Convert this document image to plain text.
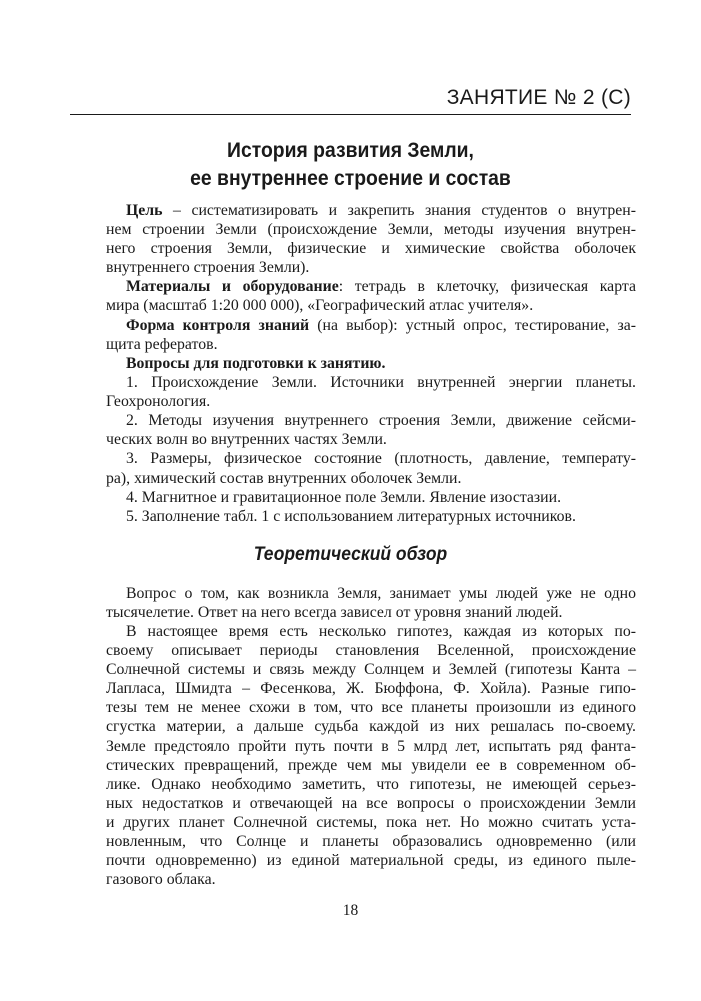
ЗАНЯТИЕ № 2 (С)
История развития Земли,
ее внутреннее строение и состав
Цель – систематизировать и закрепить знания студентов о внутрен-
нем строении Земли (происхождение Земли, методы изучения внутрен-
него строения Земли, физические и химические свойства оболочек
внутреннего строения Земли).
Материалы и оборудование: тетрадь в клеточку, физическая карта
мира (масштаб 1:20 000 000), «Географический атлас учителя».
Форма контроля знаний (на выбор): устный опрос, тестирование, за-
щита рефератов.
Вопросы для подготовки к занятию.
1. Происхождение Земли. Источники внутренней энергии планеты.
Геохронология.
2. Методы изучения внутреннего строения Земли, движение сейсми-
ческих волн во внутренних частях Земли.
3. Размеры, физическое состояние (плотность, давление, температу-
ра), химический состав внутренних оболочек Земли.
4. Магнитное и гравитационное поле Земли. Явление изостазии.
5. Заполнение табл. 1 с использованием литературных источников.
Вопрос о том, как возникла Земля, занимает умы людей уже не одно
тысячелетие. Ответ на него всегда зависел от уровня знаний людей.
В настоящее время есть несколько гипотез, каждая из которых по-
своему описывает периоды становления Вселенной, происхождение
Солнечной системы и связь между Солнцем и Землей (гипотезы Канта –
Лапласа, Шмидта – Фесенкова, Ж. Бюффона, Ф. Хойла). Разные гипо-
тезы тем не менее схожи в том, что все планеты произошли из единого
сгустка материи, а дальше судьба каждой из них решалась по-своему.
Земле предстояло пройти путь почти в 5 млрд лет, испытать ряд фанта-
стических превращений, прежде чем мы увидели ее в современном об-
лике. Однако необходимо заметить, что гипотезы, не имеющей серьез-
ных недостатков и отвечающей на все вопросы о происхождении Земли
и других планет Солнечной системы, пока нет. Но можно считать уста-
новленным, что Солнце и планеты образовались одновременно (или
почти одновременно) из единой материальной среды, из единого пыле-
газового облака.
Теоретический обзор
18
